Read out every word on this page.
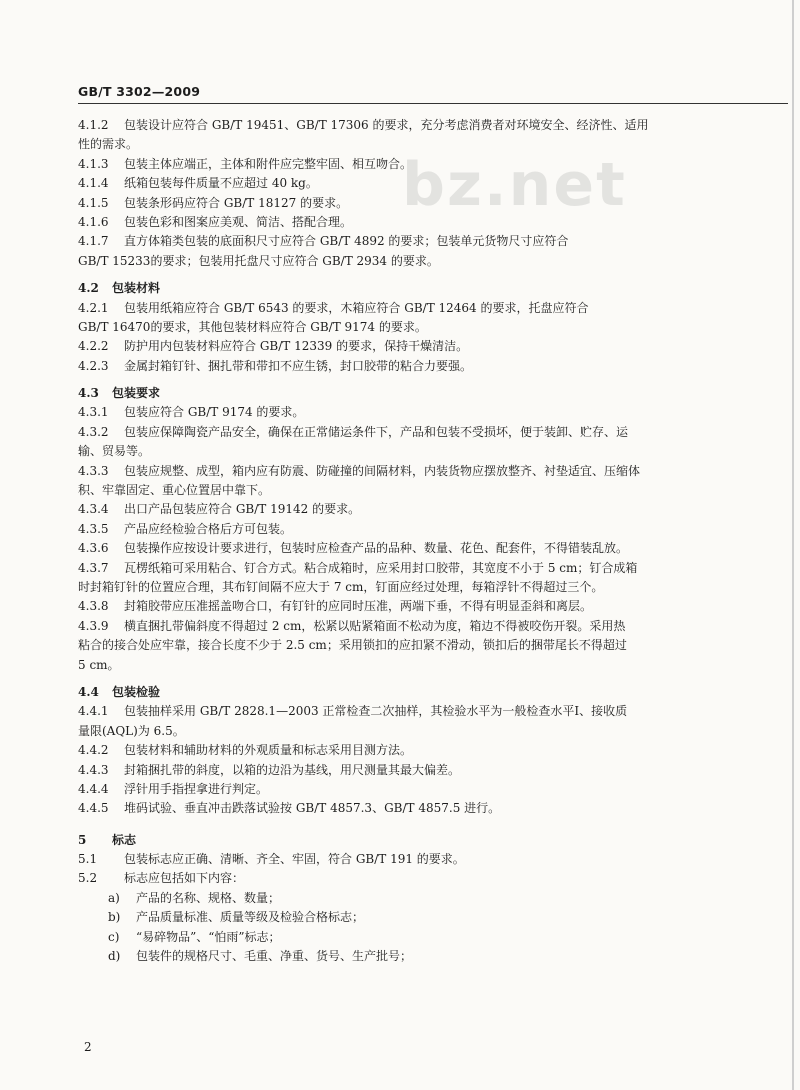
GB/T 3302—2009
bz.net
4.1.2 包装设计应符合 GB/T 19451、GB/T 17306 的要求，充分考虑消费者对环境安全、经济性、适用
性的需求。
4.1.3 包装主体应端正，主体和附件应完整牢固、相互吻合。
4.1.4 纸箱包装每件质量不应超过 40 kg。
4.1.5 包装条形码应符合 GB/T 18127 的要求。
4.1.6 包装色彩和图案应美观、简洁、搭配合理。
4.1.7 直方体箱类包装的底面积尺寸应符合 GB/T 4892 的要求；包装单元货物尺寸应符合
GB/T 15233的要求；包装用托盘尺寸应符合 GB/T 2934 的要求。
4.2 包装材料
4.2.1 包装用纸箱应符合 GB/T 6543 的要求，木箱应符合 GB/T 12464 的要求，托盘应符合
GB/T 16470的要求，其他包装材料应符合 GB/T 9174 的要求。
4.2.2 防护用内包装材料应符合 GB/T 12339 的要求，保持干燥清洁。
4.2.3 金属封箱钉针、捆扎带和带扣不应生锈，封口胶带的粘合力要强。
4.3 包装要求
4.3.1 包装应符合 GB/T 9174 的要求。
4.3.2 包装应保障陶瓷产品安全，确保在正常储运条件下，产品和包装不受损坏，便于装卸、贮存、运
输、贸易等。
4.3.3 包装应规整、成型，箱内应有防震、防碰撞的间隔材料，内装货物应摆放整齐、衬垫适宜、压缩体
积、牢靠固定、重心位置居中靠下。
4.3.4 出口产品包装应符合 GB/T 19142 的要求。
4.3.5 产品应经检验合格后方可包装。
4.3.6 包装操作应按设计要求进行，包装时应检查产品的品种、数量、花色、配套件，不得错装乱放。
4.3.7 瓦楞纸箱可采用粘合、钉合方式。粘合成箱时，应采用封口胶带，其宽度不小于 5 cm；钉合成箱
时封箱钉针的位置应合理，其布钉间隔不应大于 7 cm，钉面应经过处理，每箱浮针不得超过三个。
4.3.8 封箱胶带应压准摇盖吻合口，有钉针的应同时压准，两端下垂，不得有明显歪斜和离层。
4.3.9 横直捆扎带偏斜度不得超过 2 cm，松紧以贴紧箱面不松动为度，箱边不得被咬伤开裂。采用热
粘合的接合处应牢靠，接合长度不少于 2.5 cm；采用锁扣的应扣紧不滑动，锁扣后的捆带尾长不得超过
5 cm。
4.4 包装检验
4.4.1 包装抽样采用 GB/T 2828.1—2003 正常检查二次抽样，其检验水平为一般检查水平Ⅰ、接收质
量限(AQL)为 6.5。
4.4.2 包装材料和辅助材料的外观质量和标志采用目测方法。
4.4.3 封箱捆扎带的斜度，以箱的边沿为基线，用尺测量其最大偏差。
4.4.4 浮针用手指捏拿进行判定。
4.4.5 堆码试验、垂直冲击跌落试验按 GB/T 4857.3、GB/T 4857.5 进行。
5 标志
5.1 包装标志应正确、清晰、齐全、牢固，符合 GB/T 191 的要求。
5.2 标志应包括如下内容：
a) 产品的名称、规格、数量；
b) 产品质量标准、质量等级及检验合格标志；
c) “易碎物品”、“怕雨”标志；
d) 包装件的规格尺寸、毛重、净重、货号、生产批号；
2
